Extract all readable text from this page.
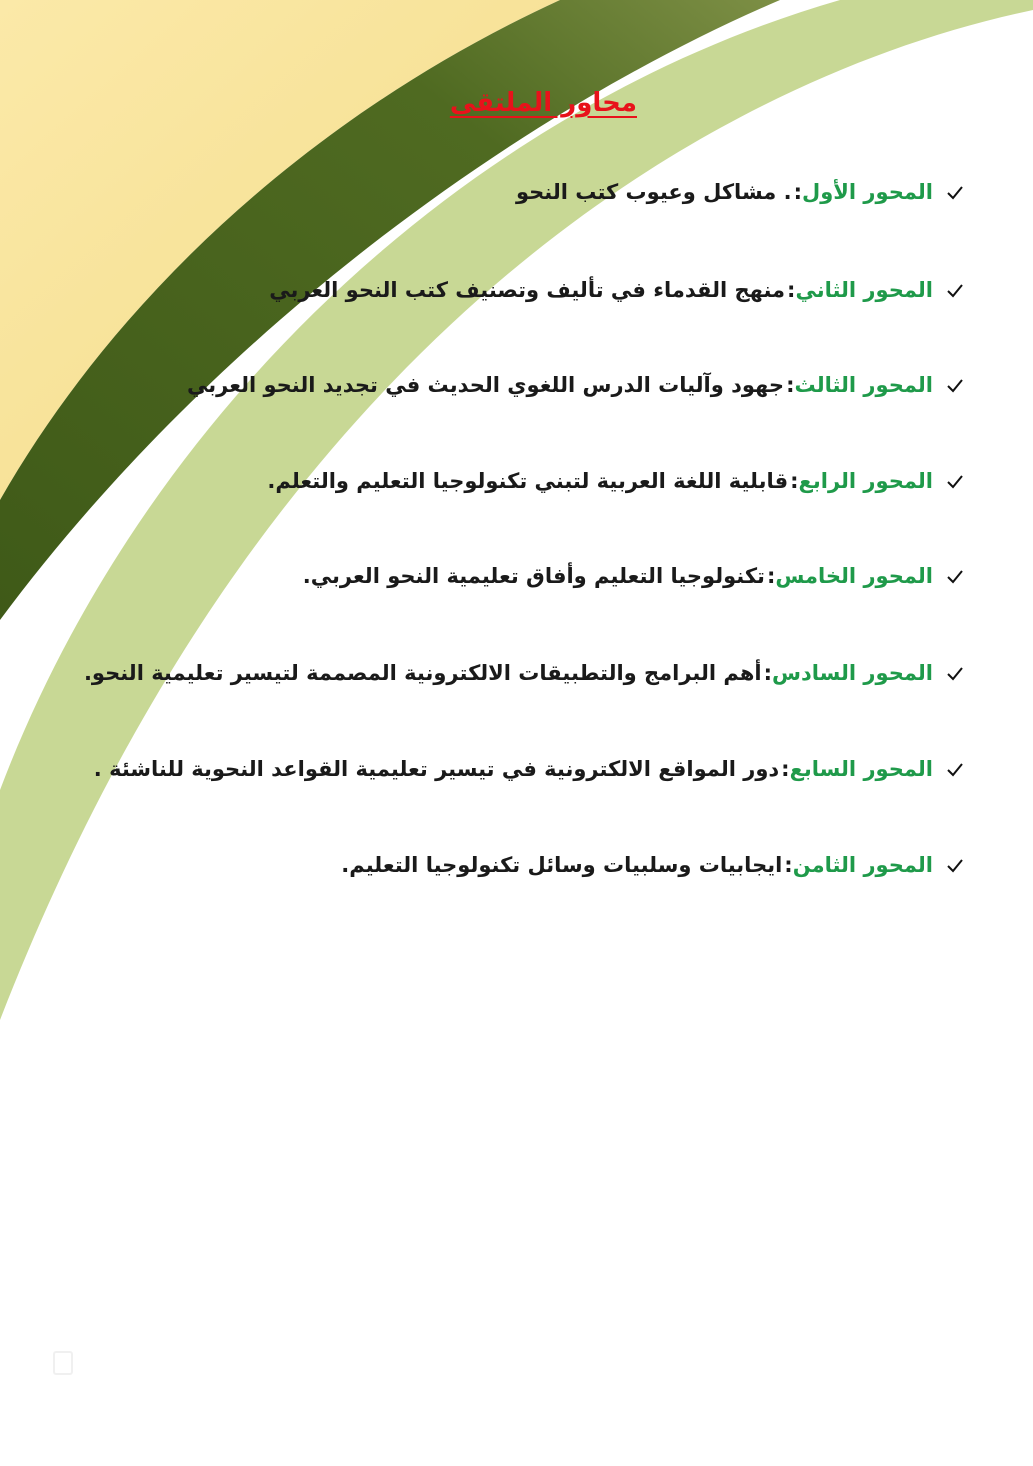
محاور الملتقى
المحور الأول
:
. مشاكل وعيوب كتب النحو
المحور الثاني
:
منهج القدماء في تأليف وتصنيف كتب النحو العربي
المحور الثالث
:
جهود وآليات الدرس اللغوي الحديث في تجديد النحو العربي
المحور الرابع
:
قابلية اللغة العربية لتبني تكنولوجيا التعليم والتعلم.
المحور الخامس
:
تكنولوجيا التعليم وأفاق تعليمية النحو العربي.
المحور السادس
:
أهم البرامج والتطبيقات الالكترونية المصممة لتيسير تعليمية النحو.
المحور السابع
:
دور المواقع الالكترونية في تيسير تعليمية القواعد النحوية للناشئة .
المحور الثامن
:
ايجابيات وسلبيات وسائل تكنولوجيا التعليم.
